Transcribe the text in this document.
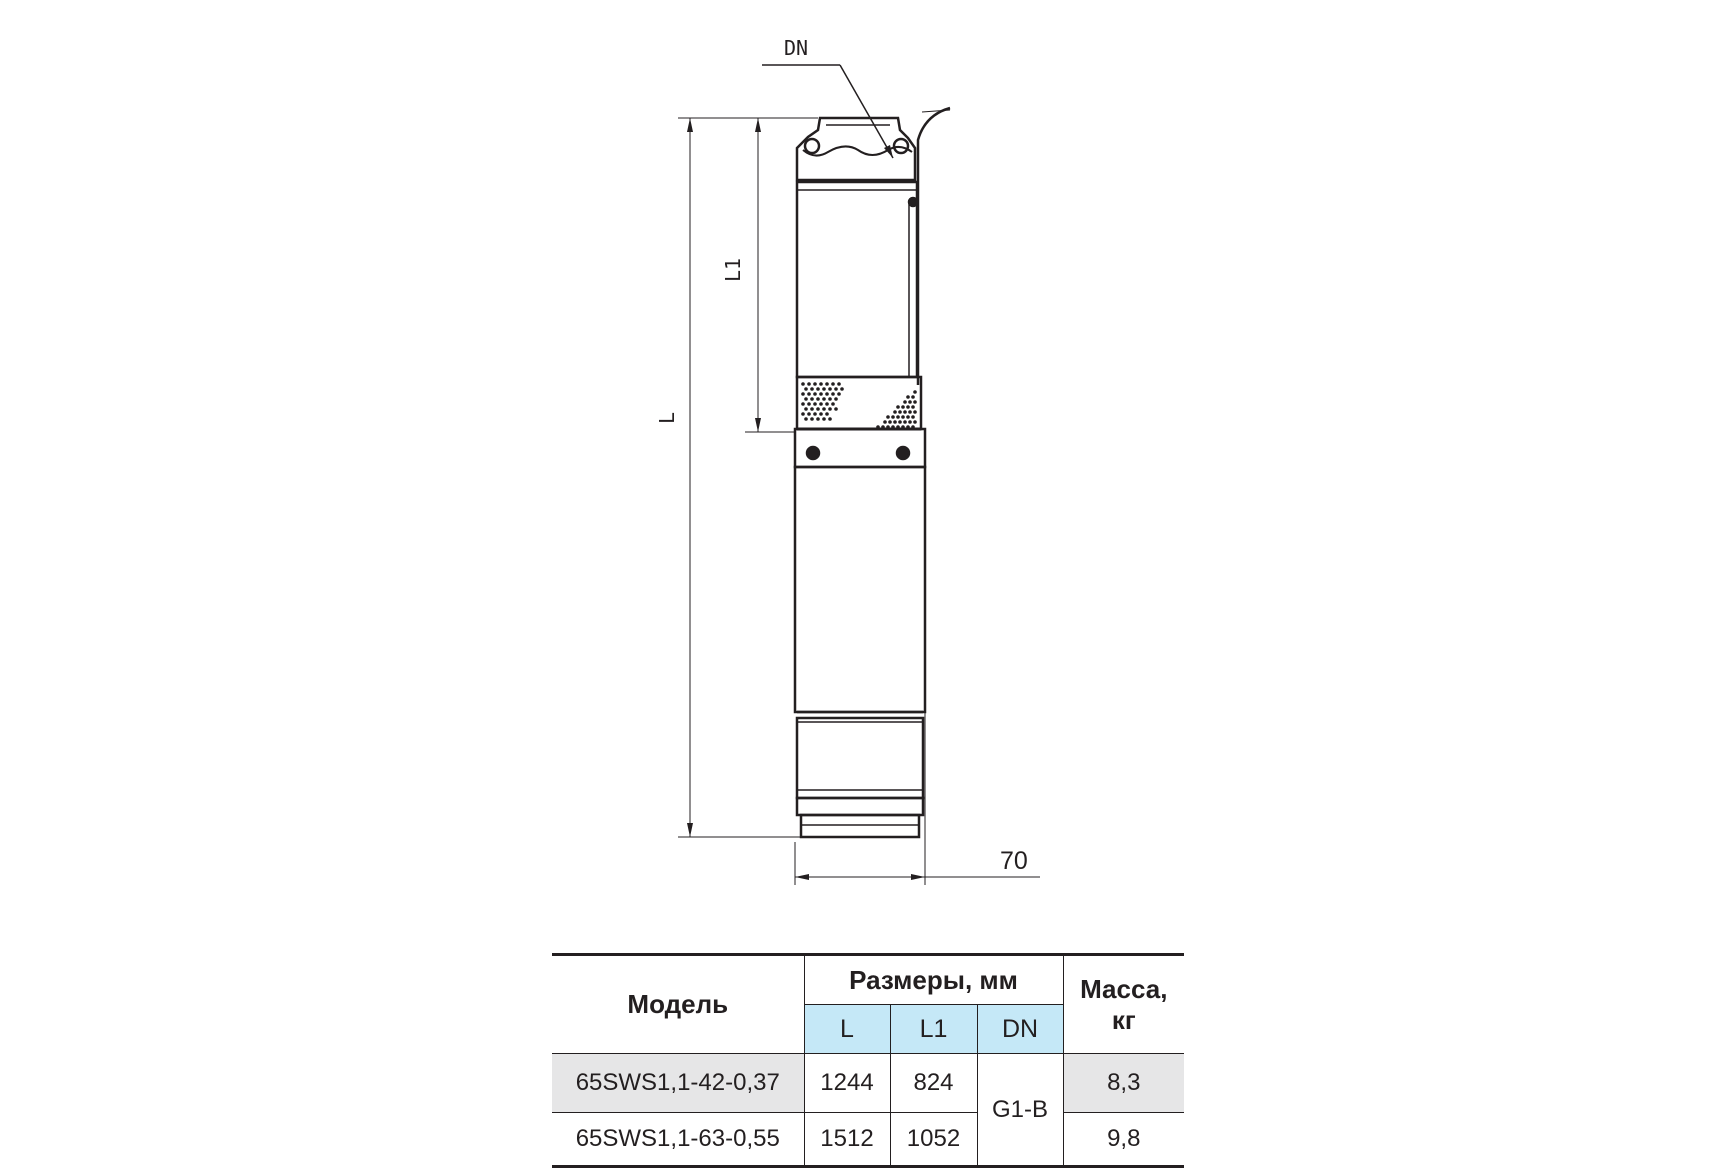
DN
L1
L
70
Модель	Размеры, мм			Масса,
кг
	L	L1	DN	
65SWS1,1-42-0,37	1244	824	G1-B	8,3
65SWS1,1-63-0,55	1512	1052		9,8
